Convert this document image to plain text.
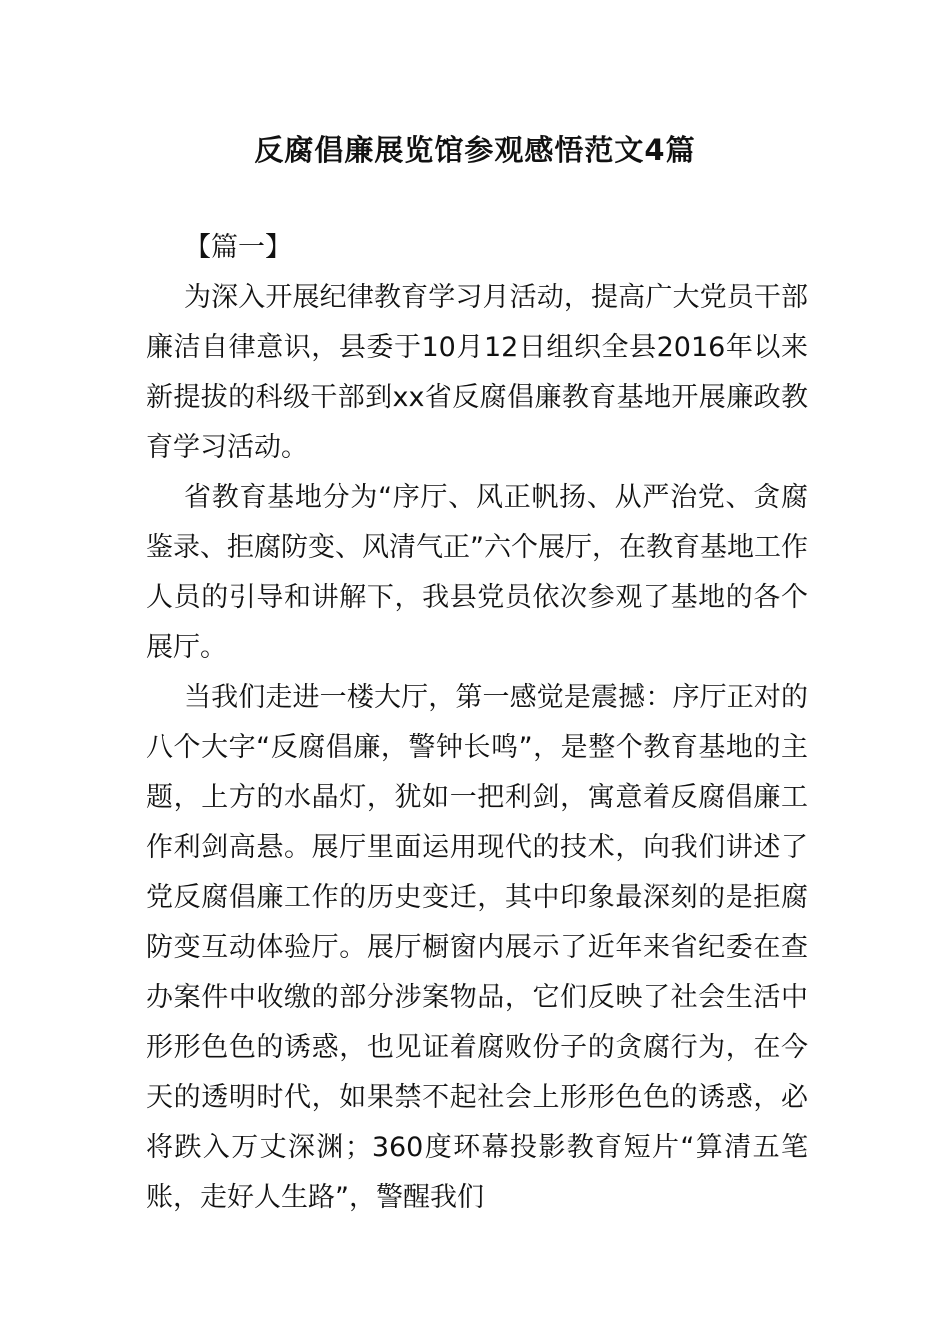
反腐倡廉展览馆参观感悟范文4篇

【篇一】

为深入开展纪律教育学习月活动，提高广大党员干部廉洁自律意识，县委于10月12日组织全县2016年以来新提拔的科级干部到xx省反腐倡廉教育基地开展廉政教育学习活动。

省教育基地分为“序厅、风正帆扬、从严治党、贪腐鉴录、拒腐防变、风清气正”六个展厅，在教育基地工作人员的引导和讲解下，我县党员依次参观了基地的各个展厅。

当我们走进一楼大厅，第一感觉是震撼：序厅正对的八个大字“反腐倡廉，警钟长鸣”，是整个教育基地的主题，上方的水晶灯，犹如一把利剑，寓意着反腐倡廉工作利剑高悬。展厅里面运用现代的技术，向我们讲述了党反腐倡廉工作的历史变迁，其中印象最深刻的是拒腐防变互动体验厅。展厅橱窗内展示了近年来省纪委在查办案件中收缴的部分涉案物品，它们反映了社会生活中形形色色的诱惑，也见证着腐败份子的贪腐行为，在今天的透明时代，如果禁不起社会上形形色色的诱惑，必将跌入万丈深渊；360度环幕投影教育短片“算清五笔账，走好人生路”，警醒我们
